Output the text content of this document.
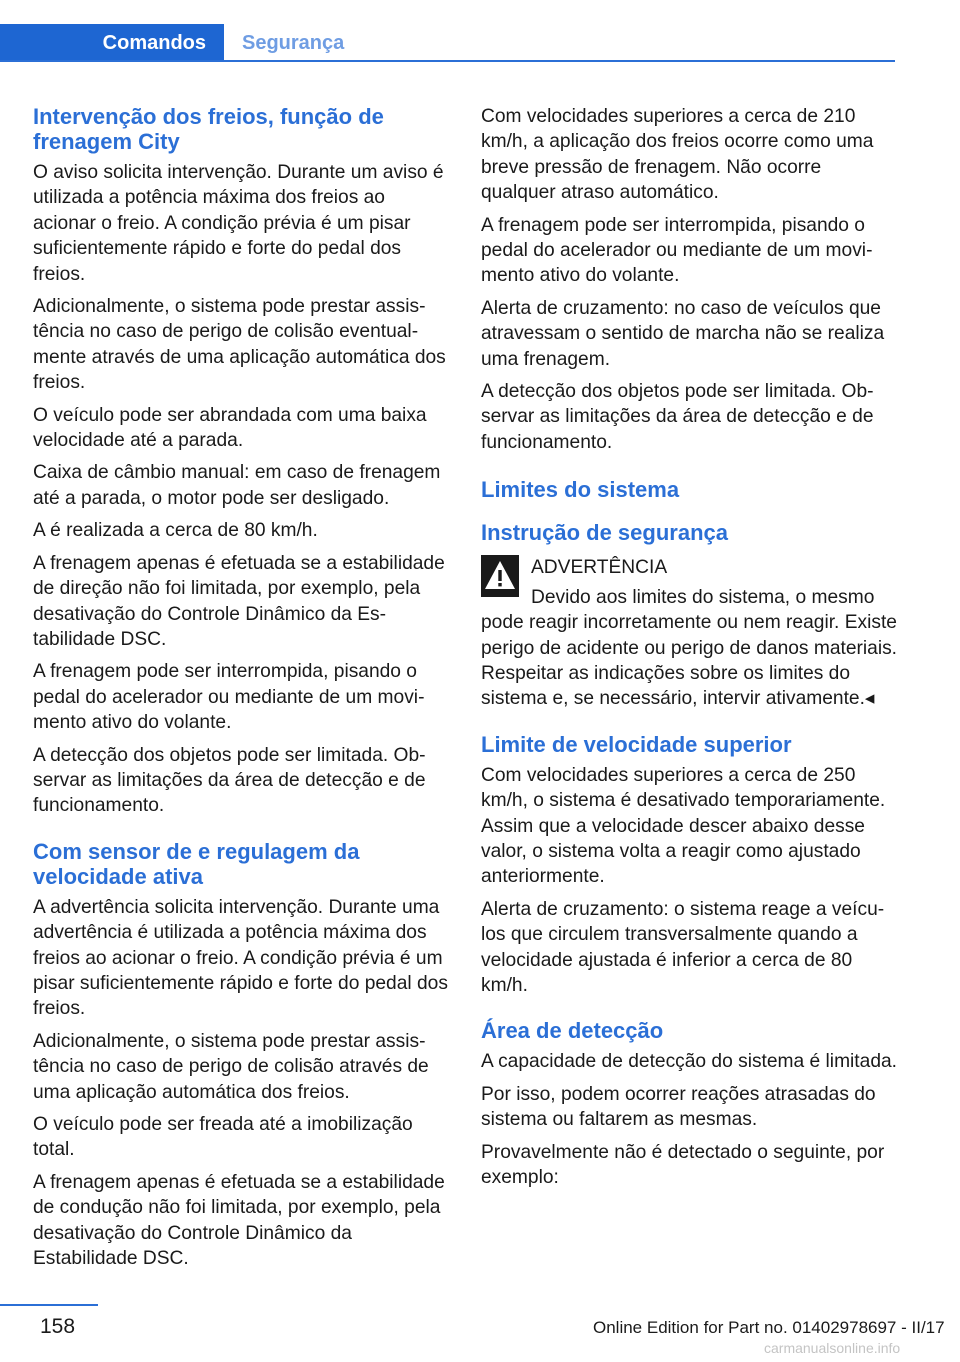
Comandos	Segurança
Intervenção dos freios, função de frenagem City

O aviso solicita intervenção. Durante um aviso é utilizada a potência máxima dos freios ao acionar o freio. A condição prévia é um pisar suficientemente rápido e forte do pedal dos freios.

Adicionalmente, o sistema pode prestar assistência no caso de perigo de colisão eventualmente através de uma aplicação automática dos freios.

O veículo pode ser abrandada com uma baixa velocidade até a parada.

Caixa de câmbio manual: em caso de frenagem até a parada, o motor pode ser desligado.

A é realizada a cerca de 80 km/h.

A frenagem apenas é efetuada se a estabilidade de direção não foi limitada, por exemplo, pela desativação do Controle Dinâmico da Estabilidade DSC.

A frenagem pode ser interrompida, pisando o pedal do acelerador ou mediante de um movimento ativo do volante.

A detecção dos objetos pode ser limitada. Observar as limitações da área de detecção e de funcionamento.

Com sensor de e regulagem da velocidade ativa

A advertência solicita intervenção. Durante uma advertência é utilizada a potência máxima dos freios ao acionar o freio. A condição prévia é um pisar suficientemente rápido e forte do pedal dos freios.

Adicionalmente, o sistema pode prestar assistência no caso de perigo de colisão através de uma aplicação automática dos freios.

O veículo pode ser freada até a imobilização total.

A frenagem apenas é efetuada se a estabilidade de condução não foi limitada, por exemplo, pela desativação do Controle Dinâmico da Estabilidade DSC.

Com velocidades superiores a cerca de 210 km/h, a aplicação dos freios ocorre como uma breve pressão de frenagem. Não ocorre qualquer atraso automático.

A frenagem pode ser interrompida, pisando o pedal do acelerador ou mediante de um movimento ativo do volante.

Alerta de cruzamento: no caso de veículos que atravessam o sentido de marcha não se realiza uma frenagem.

A detecção dos objetos pode ser limitada. Observar as limitações da área de detecção e de funcionamento.

Limites do sistema
Instrução de segurança

ADVERTÊNCIA

Devido aos limites do sistema, o mesmo pode reagir incorretamente ou nem reagir. Existe perigo de acidente ou perigo de danos materiais. Respeitar as indicações sobre os limites do sistema e, se necessário, intervir ativamente.◂

Limite de velocidade superior

Com velocidades superiores a cerca de 250 km/h, o sistema é desativado temporariamente. Assim que a velocidade descer abaixo desse valor, o sistema volta a reagir como ajustado anteriormente.

Alerta de cruzamento: o sistema reage a veículos que circulem transversalmente quando a velocidade ajustada é inferior a cerca de 80 km/h.

Área de detecção

A capacidade de detecção do sistema é limitada.

Por isso, podem ocorrer reações atrasadas do sistema ou faltarem as mesmas.

Provavelmente não é detectado o seguinte, por exemplo:

158	Online Edition for Part no. 01402978697 - II/17
carmanualsonline.info
